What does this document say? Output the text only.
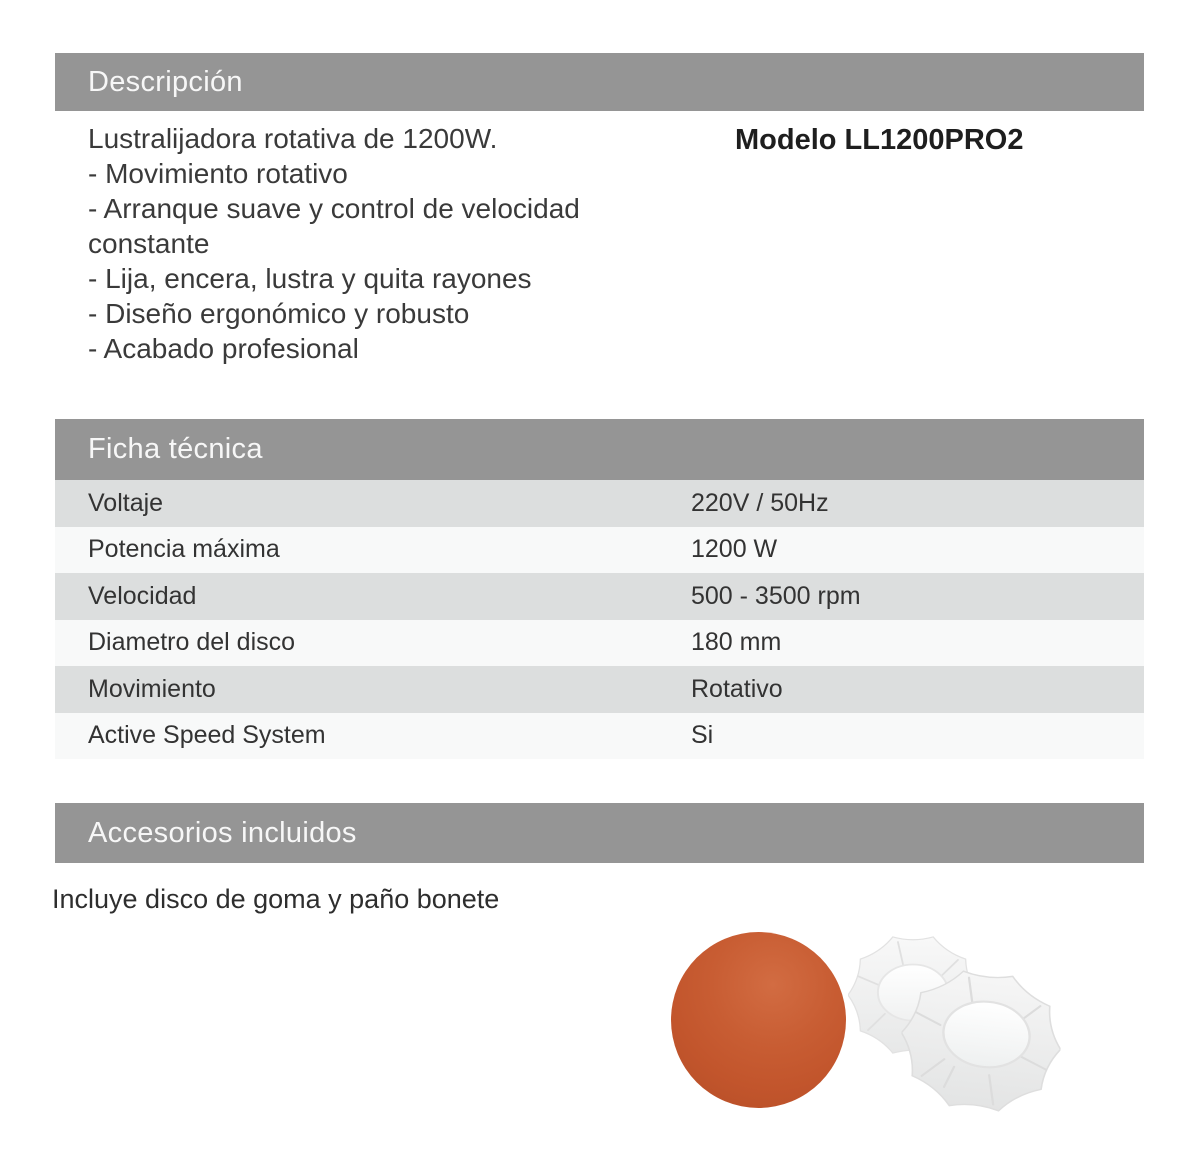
Descripción
Lustralijadora rotativa de 1200W.
- Movimiento rotativo
- Arranque suave y control de velocidad
constante
- Lija, encera, lustra y quita rayones
- Diseño ergonómico y robusto
- Acabado profesional
Modelo LL1200PRO2
Ficha técnica
Voltaje	220V / 50Hz
Potencia máxima	1200 W
Velocidad	500 - 3500 rpm
Diametro del disco	180 mm
Movimiento	Rotativo
Active Speed System	Si
Accesorios incluidos
Incluye disco de goma y paño bonete
